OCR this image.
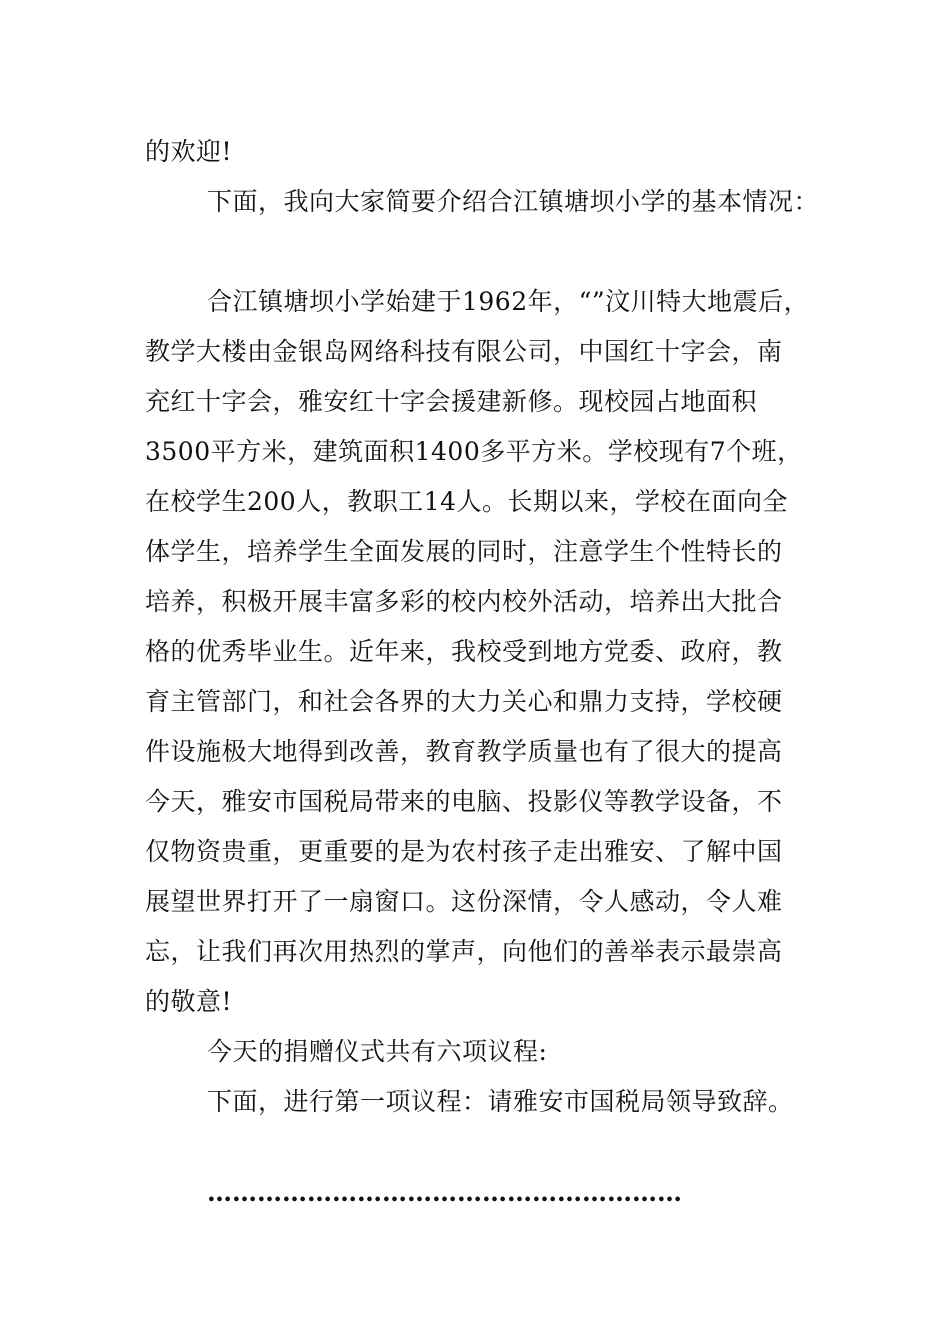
的欢迎!
下面，我向大家简要介绍合江镇塘坝小学的基本情况：
合江镇塘坝小学始建于1962年，“”汶川特大地震后，
教学大楼由金银岛网络科技有限公司，中国红十字会，南
充红十字会，雅安红十字会援建新修。现校园占地面积
3500平方米，建筑面积1400多平方米。学校现有7个班，
在校学生200人，教职工14人。长期以来，学校在面向全
体学生，培养学生全面发展的同时，注意学生个性特长的
培养，积极开展丰富多彩的校内校外活动，培养出大批合
格的优秀毕业生。近年来，我校受到地方党委、政府，教
育主管部门，和社会各界的大力关心和鼎力支持，学校硬
件设施极大地得到改善，教育教学质量也有了很大的提高
今天，雅安市国税局带来的电脑、投影仪等教学设备，不
仅物资贵重，更重要的是为农村孩子走出雅安、了解中国
展望世界打开了一扇窗口。这份深情，令人感动，令人难
忘，让我们再次用热烈的掌声，向他们的善举表示最崇高
的敬意!
今天的捐赠仪式共有六项议程:
下面，进行第一项议程：请雅安市国税局领导致辞。
…………………………………………………
